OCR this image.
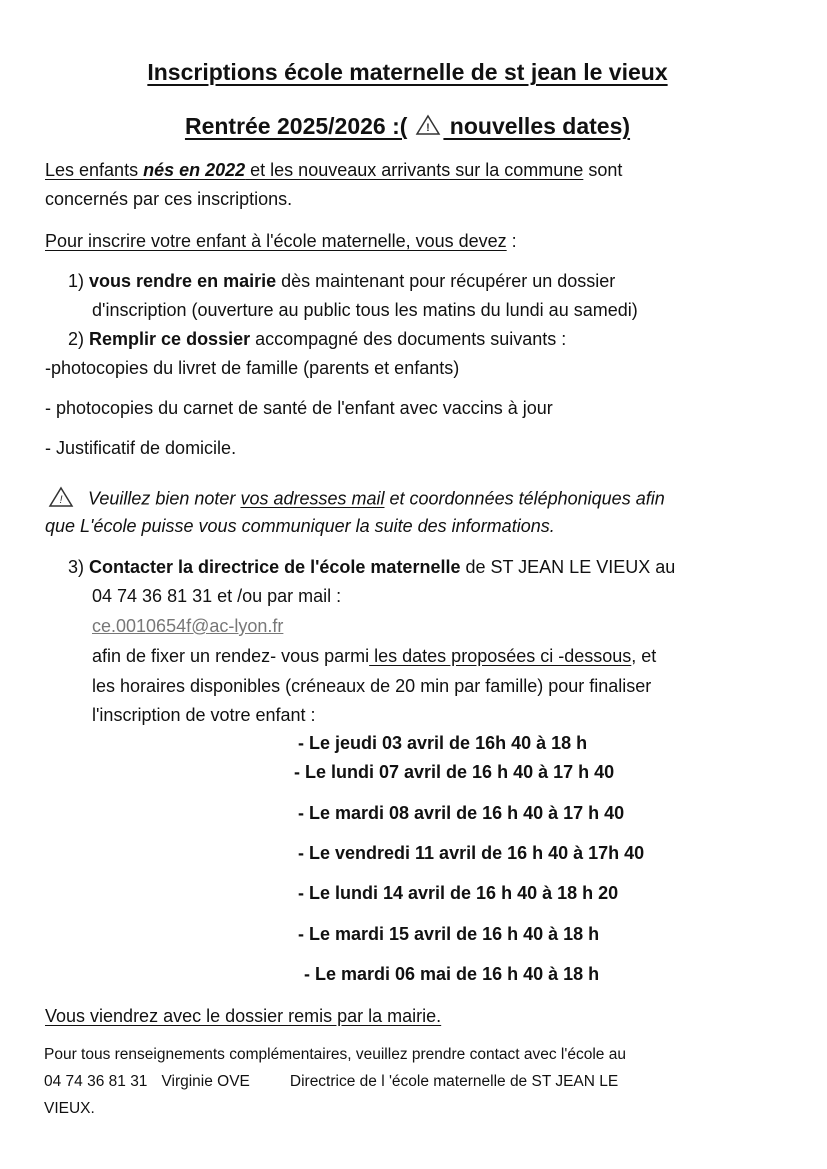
Inscriptions école maternelle de st jean le vieux
Rentrée 2025/2026 :( ! nouvelles dates)
Les enfants nés en 2022 et les nouveaux arrivants sur la commune sont
concernés par ces inscriptions.
Pour inscrire votre enfant à l'école maternelle, vous devez :
1) vous rendre en mairie dès maintenant pour récupérer un dossier
d'inscription (ouverture au public tous les matins du lundi au samedi)
2) Remplir ce dossier accompagné des documents suivants :
-photocopies du livret de famille (parents et enfants)
- photocopies du carnet de santé de l'enfant avec vaccins à jour
- Justificatif de domicile.
! Veuillez bien noter vos adresses mail et coordonnées téléphoniques afin
que L'école puisse vous communiquer la suite des informations.
3) Contacter la directrice de l'école maternelle de ST JEAN LE VIEUX au
04 74 36 81 31 et /ou par mail :
ce.0010654f@ac-lyon.fr
afin de fixer un rendez- vous parmi les dates proposées ci -dessous, et
les horaires disponibles (créneaux de 20 min par famille) pour finaliser
l'inscription de votre enfant :
- Le jeudi 03 avril de 16h 40 à 18 h
- Le lundi 07 avril de 16 h 40 à 17 h 40
- Le mardi 08 avril de 16 h 40 à 17 h 40
- Le vendredi 11 avril de 16 h 40 à 17h 40
- Le lundi 14 avril de 16 h 40 à 18 h 20
- Le mardi 15 avril de 16 h 40 à 18 h
- Le mardi 06 mai de 16 h 40 à 18 h
Vous viendrez avec le dossier remis par la mairie.
Pour tous renseignements complémentaires, veuillez prendre contact avec l'école au
04 74 36 81 31 Virginie OVE	Directrice de l 'école maternelle de ST JEAN LE
VIEUX.
